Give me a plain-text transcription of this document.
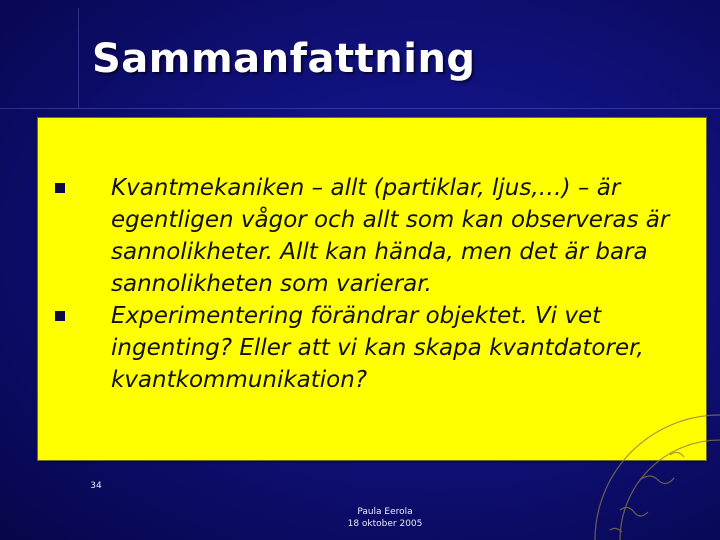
Sammanfattning
Kvantmekaniken – allt (partiklar, ljus,…) – är egentligen vågor och allt som kan observeras är sannolikheter. Allt kan hända, men det är bara sannolikheten som varierar.
Experimentering förändrar objektet. Vi vet ingenting? Eller att vi kan skapa kvantdatorer, kvantkommunikation?
34
Paula Eerola
18 oktober 2005
